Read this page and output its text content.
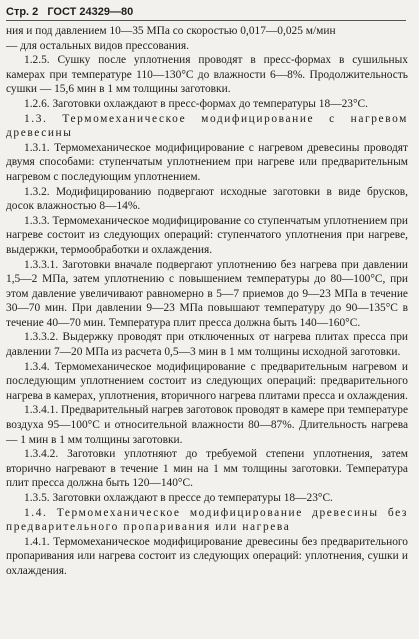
Стр. 2 ГОСТ 24329—80

ния и под давлением 10—35 МПа со скоростью 0,017—0,025 м/мин

— для остальных видов прессования.

1.2.5. Сушку после уплотнения проводят в пресс-формах в сушильных камерах при температуре 110—130°С до влажности 6—8%. Продолжительность сушки — 15,6 мин в 1 мм толщины заготовки.

1.2.6. Заготовки охлаждают в пресс-формах до температуры 18—23°С.

1.3. Термомеханическое модифицирование с нагревом древесины

1.3.1. Термомеханическое модифицирование с нагревом древесины проводят двумя способами: ступенчатым уплотнением при нагреве или предварительным нагревом с последующим уплотнением.

1.3.2. Модифицированию подвергают исходные заготовки в виде брусков, досок влажностью 8—14%.

1.3.3. Термомеханическое модифицирование со ступенчатым уплотнением при нагреве состоит из следующих операций: ступенчатого уплотнения при нагреве, выдержки, термообработки и охлаждения.

1.3.3.1. Заготовки вначале подвергают уплотнению без нагрева при давлении 1,5—2 МПа, затем уплотнению с повышением температуры до 80—100°С, при этом давление увеличивают равномерно в 5—7 приемов до 9—23 МПа в течение 30—70 мин. При давлении 9—23 МПа повышают температуру до 90—135°С в течение 40—70 мин. Температура плит пресса должна быть 140—160°С.

1.3.3.2. Выдержку проводят при отключенных от нагрева плитах пресса при давлении 7—20 МПа из расчета 0,5—3 мин в 1 мм толщины исходной заготовки.

1.3.4. Термомеханическое модифицирование с предварительным нагревом и последующим уплотнением состоит из следующих операций: предварительного нагрева в камерах, уплотнения, вторичного нагрева плитами пресса и охлаждения.

1.3.4.1. Предварительный нагрев заготовок проводят в камере при температуре воздуха 95—100°С и относительной влажности 80—87%. Длительность нагрева — 1 мин в 1 мм толщины заготовки.

1.3.4.2. Заготовки уплотняют до требуемой степени уплотнения, затем вторично нагревают в течение 1 мин на 1 мм толщины заготовки. Температура плит пресса должна быть 120—140°С.

1.3.5. Заготовки охлаждают в прессе до температуры 18—23°С.

1.4. Термомеханическое модифицирование древесины без предварительного пропаривания или нагрева

1.4.1. Термомеханическое модифицирование древесины без предварительного пропаривания или нагрева состоит из следующих операций: уплотнения, сушки и охлаждения.
